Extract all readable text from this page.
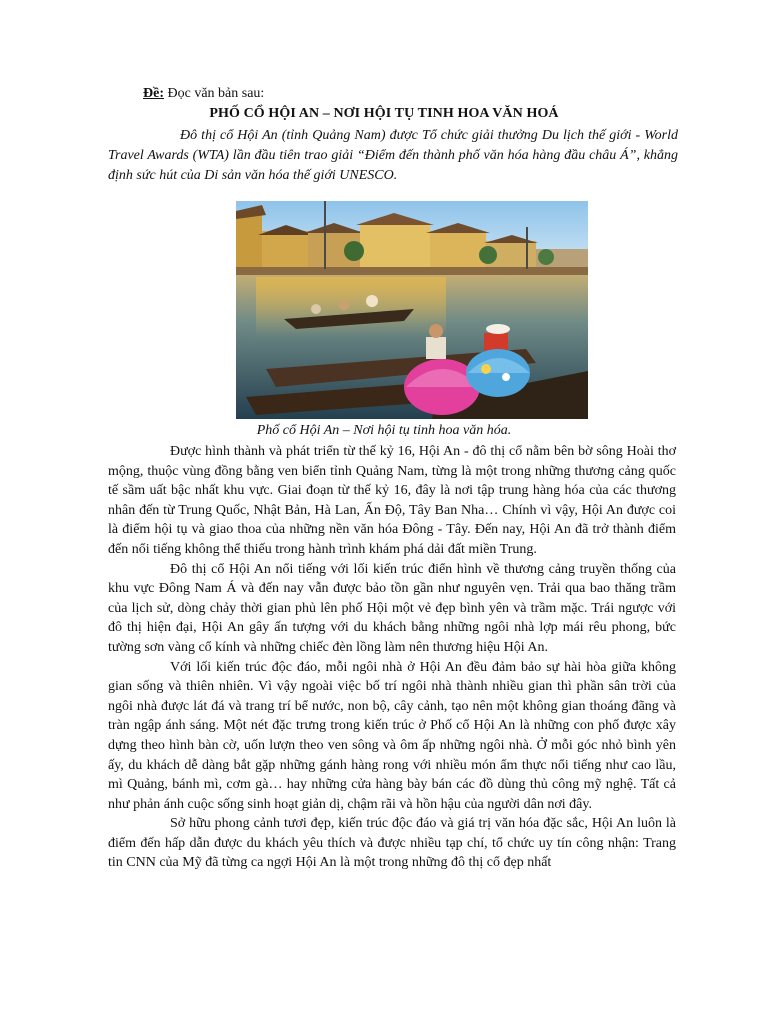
Đề: Đọc văn bản sau:
PHỐ CỔ HỘI AN – NƠI HỘI TỤ TINH HOA VĂN HOÁ
Đô thị cổ Hội An (tỉnh Quảng Nam) được Tổ chức giải thưởng Du lịch thế giới - World Travel Awards (WTA) lần đầu tiên trao giải “Điểm đến thành phố văn hóa hàng đầu châu Á”, khẳng định sức hút của Di sản văn hóa thế giới UNESCO.
Phố cổ Hội An – Nơi hội tụ tinh hoa văn hóa.

Được hình thành và phát triển từ thế kỷ 16, Hội An - đô thị cổ nằm bên bờ sông Hoài thơ mộng, thuộc vùng đồng bằng ven biển tỉnh Quảng Nam, từng là một trong những thương cảng quốc tế sầm uất bậc nhất khu vực. Giai đoạn từ thế kỷ 16, đây là nơi tập trung hàng hóa của các thương nhân đến từ Trung Quốc, Nhật Bản, Hà Lan, Ấn Độ, Tây Ban Nha… Chính vì vậy, Hội An được coi là điểm hội tụ và giao thoa của những nền văn hóa Đông - Tây. Đến nay, Hội An đã trở thành điểm đến nổi tiếng không thể thiếu trong hành trình khám phá dải đất miền Trung.

Đô thị cổ Hội An nổi tiếng với lối kiến trúc điển hình về thương cảng truyền thống của khu vực Đông Nam Á và đến nay vẫn được bảo tồn gần như nguyên vẹn. Trải qua bao thăng trầm của lịch sử, dòng chảy thời gian phủ lên phố Hội một vẻ đẹp bình yên và trầm mặc. Trái ngược với đô thị hiện đại, Hội An gây ấn tượng với du khách bằng những ngôi nhà lợp mái rêu phong, bức tường sơn vàng cổ kính và những chiếc đèn lồng làm nên thương hiệu Hội An.

Với lối kiến trúc độc đáo, mỗi ngôi nhà ở Hội An đều đảm bảo sự hài hòa giữa không gian sống và thiên nhiên. Vì vậy ngoài việc bố trí ngôi nhà thành nhiều gian thì phần sân trời của ngôi nhà được lát đá và trang trí bể nước, non bộ, cây cảnh, tạo nên một không gian thoáng đãng và tràn ngập ánh sáng. Một nét đặc trưng trong kiến trúc ở Phố cổ Hội An là những con phố được xây dựng theo hình bàn cờ, uốn lượn theo ven sông và ôm ấp những ngôi nhà. Ở mỗi góc nhỏ bình yên ấy, du khách dễ dàng bắt gặp những gánh hàng rong với nhiều món ẩm thực nổi tiếng như cao lầu, mì Quảng, bánh mì, cơm gà… hay những cửa hàng bày bán các đồ dùng thủ công mỹ nghệ. Tất cả như phản ánh cuộc sống sinh hoạt giản dị, chậm rãi và hồn hậu của người dân nơi đây.

Sở hữu phong cảnh tươi đẹp, kiến trúc độc đáo và giá trị văn hóa đặc sắc, Hội An luôn là điểm đến hấp dẫn được du khách yêu thích và được nhiều tạp chí, tổ chức uy tín công nhận: Trang tin CNN của Mỹ đã từng ca ngợi Hội An là một trong những đô thị cổ đẹp nhất
